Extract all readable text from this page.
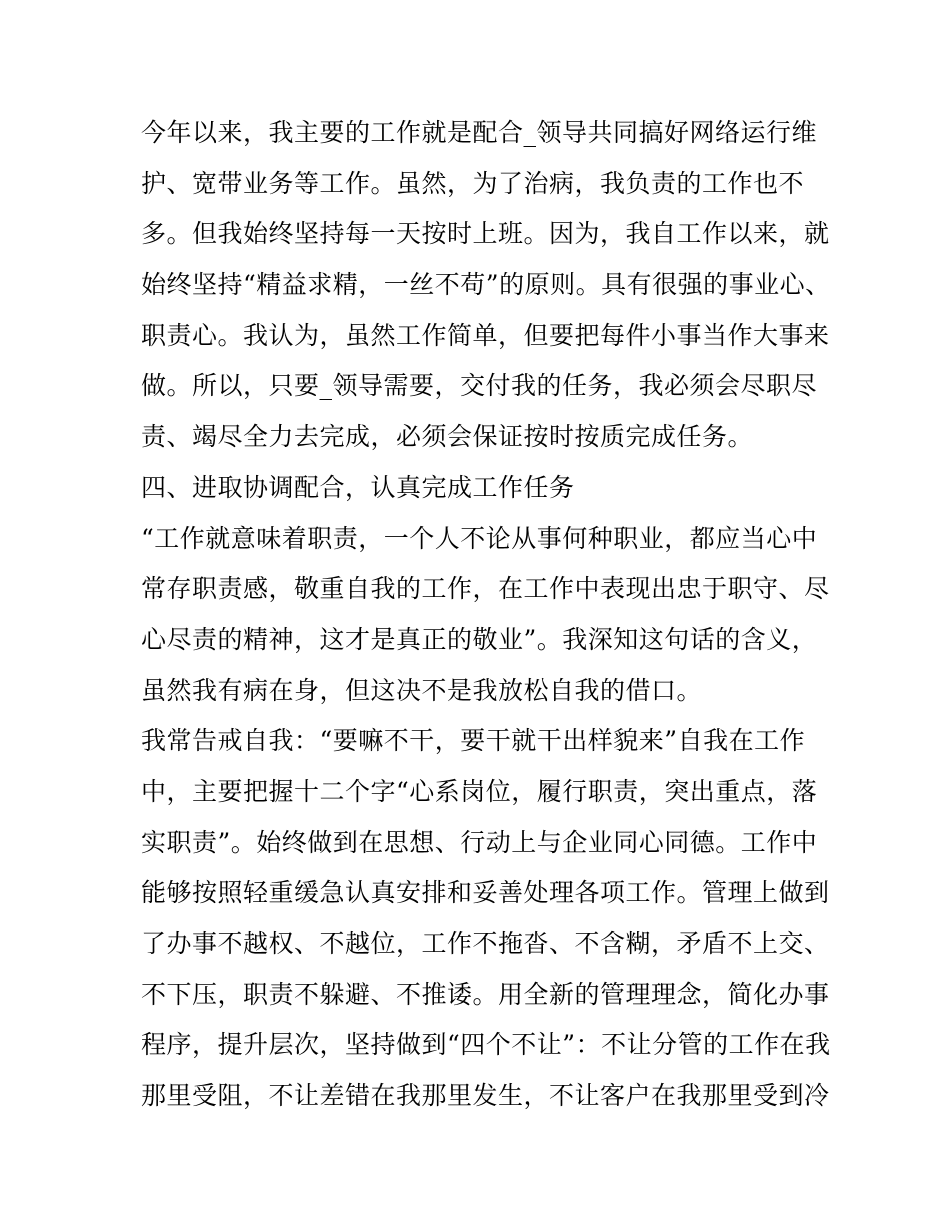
今年以来，我主要的工作就是配合_领导共同搞好网络运行维
护、宽带业务等工作。虽然，为了治病，我负责的工作也不
多。但我始终坚持每一天按时上班。因为，我自工作以来，就
始终坚持“精益求精，一丝不苟”的原则。具有很强的事业心、
职责心。我认为，虽然工作简单，但要把每件小事当作大事来
做。所以，只要_领导需要，交付我的任务，我必须会尽职尽
责、竭尽全力去完成，必须会保证按时按质完成任务。
四、进取协调配合，认真完成工作任务
“工作就意味着职责，一个人不论从事何种职业，都应当心中
常存职责感，敬重自我的工作，在工作中表现出忠于职守、尽
心尽责的精神，这才是真正的敬业”。我深知这句话的含义，
虽然我有病在身，但这决不是我放松自我的借口。
我常告戒自我：“要嘛不干，要干就干出样貌来”自我在工作
中，主要把握十二个字“心系岗位，履行职责，突出重点，落
实职责”。始终做到在思想、行动上与企业同心同德。工作中
能够按照轻重缓急认真安排和妥善处理各项工作。管理上做到
了办事不越权、不越位，工作不拖沓、不含糊，矛盾不上交、
不下压，职责不躲避、不推诿。用全新的管理理念，简化办事
程序，提升层次，坚持做到“四个不让”：不让分管的工作在我
那里受阻，不让差错在我那里发生，不让客户在我那里受到冷
